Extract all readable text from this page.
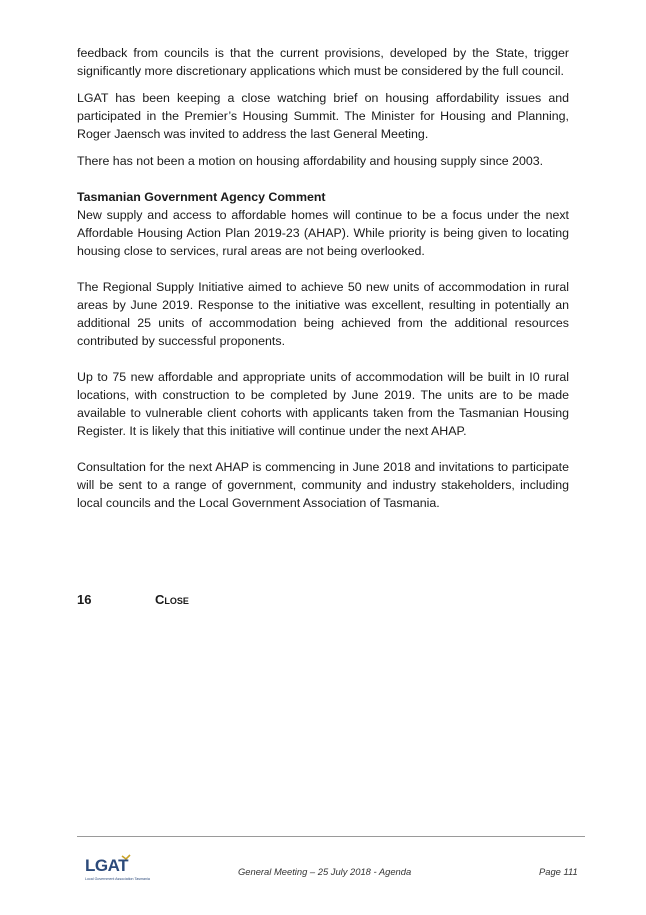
feedback from councils is that the current provisions, developed by the State, trigger significantly more discretionary applications which must be considered by the full council.

LGAT has been keeping a close watching brief on housing affordability issues and participated in the Premier’s Housing Summit. The Minister for Housing and Planning, Roger Jaensch was invited to address the last General Meeting.

There has not been a motion on housing affordability and housing supply since 2003.

Tasmanian Government Agency Comment

New supply and access to affordable homes will continue to be a focus under the next Affordable Housing Action Plan 2019-23 (AHAP). While priority is being given to locating housing close to services, rural areas are not being overlooked.

The Regional Supply Initiative aimed to achieve 50 new units of accommodation in rural areas by June 2019. Response to the initiative was excellent, resulting in potentially an additional 25 units of accommodation being achieved from the additional resources contributed by successful proponents.

Up to 75 new affordable and appropriate units of accommodation will be built in I0 rural locations, with construction to be completed by June 2019. The units are to be made available to vulnerable client cohorts with applicants taken from the Tasmanian Housing Register. It is likely that this initiative will continue under the next AHAP.

Consultation for the next AHAP is commencing in June 2018 and invitations to participate will be sent to a range of government, community and industry stakeholders, including local councils and the Local Government Association of Tasmania.

16	Close
LGAT
Local Government Association Tasmania
General Meeting – 25 July 2018 - Agenda	Page 111
